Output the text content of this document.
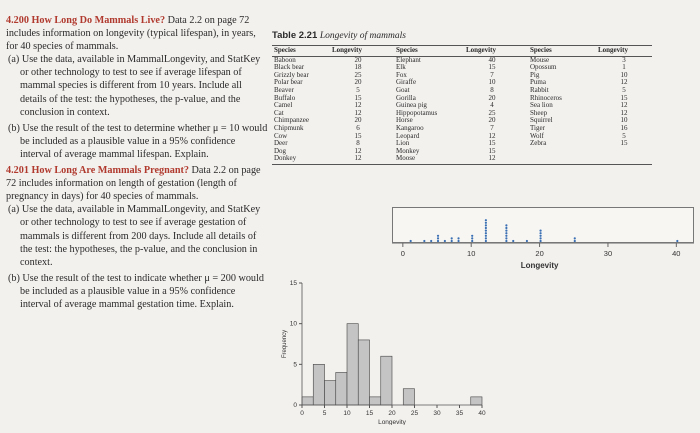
4.200 How Long Do Mammals Live? Data 2.2 on page 72 includes information on longevity (typical lifespan), in years, for 40 species of mammals.

(a) Use the data, available in MammalLongevity, and StatKey or other technology to test to see if average lifespan of mammal species is different from 10 years. Include all details of the test: the hypotheses, the p-value, and the conclusion in context.

(b) Use the result of the test to determine whether μ = 10 would be included as a plausible value in a 95% confidence interval of average mammal lifespan. Explain.

4.201 How Long Are Mammals Pregnant? Data 2.2 on page 72 includes information on length of gestation (length of pregnancy in days) for 40 species of mammals.

(a) Use the data, available in MammalLongevity, and StatKey or other technology to test to see if average gestation of mammals is different from 200 days. Include all details of the test: the hypotheses, the p-value, and the conclusion in context.

(b) Use the result of the test to indicate whether μ = 200 would be included as a plausible value in a 95% confidence interval of average mammal gestation time. Explain.

Table 2.21 Longevity of mammals
Species	Longevity		Species	Longevity		Species	Longevity
Baboon	20		Elephant	40		Mouse	3
Black bear	18		Elk	15		Opossum	1
Grizzly bear	25		Fox	7		Pig	10
Polar bear	20		Giraffe	10		Puma	12
Beaver	5		Goat	8		Rabbit	5
Buffalo	15		Gorilla	20		Rhinoceros	15
Camel	12		Guinea pig	4		Sea lion	12
Cat	12		Hippopotamus	25		Sheep	12
Chimpanzee	20		Horse	20		Squirrel	10
Chipmunk	6		Kangaroo	7		Tiger	16
Cow	15		Leopard	12		Wolf	5
Deer	8		Lion	15		Zebra	15
Dog	12		Monkey	15			
Donkey	12		Moose	12			
0	10	20	30	40
Longevity
0	5	10 15 20 25 30 35 40
0
5
10
15
Longevity
Frequency
